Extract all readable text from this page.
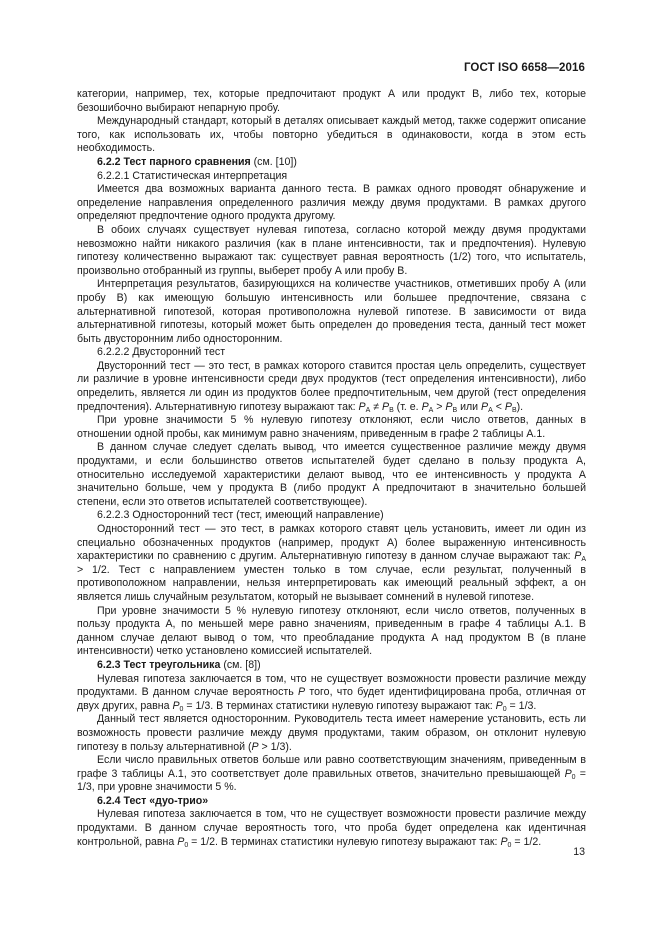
ГОСТ ISO 6658—2016

категории, например, тех, которые предпочитают продукт А или продукт В, либо тех, которые безошибочно выбирают непарную пробу.

Международный стандарт, который в деталях описывает каждый метод, также содержит описание того, как использовать их, чтобы повторно убедиться в одинаковости, когда в этом есть необходимость.

6.2.2 Тест парного сравнения (см. [10])

6.2.2.1 Статистическая интерпретация

Имеется два возможных варианта данного теста. В рамках одного проводят обнаружение и определение направления определенного различия между двумя продуктами. В рамках другого определяют предпочтение одного продукта другому.

В обоих случаях существует нулевая гипотеза, согласно которой между двумя продуктами невозможно найти никакого различия (как в плане интенсивности, так и предпочтения). Нулевую гипотезу количественно выражают так: существует равная вероятность (1/2) того, что испытатель, произвольно отобранный из группы, выберет пробу А или пробу В.

Интерпретация результатов, базирующихся на количестве участников, отметивших пробу А (или пробу В) как имеющую большую интенсивность или большее предпочтение, связана с альтернативной гипотезой, которая противоположна нулевой гипотезе. В зависимости от вида альтернативной гипотезы, который может быть определен до проведения теста, данный тест может быть двусторонним либо односторонним.

6.2.2.2 Двусторонний тест

Двусторонний тест — это тест, в рамках которого ставится простая цель определить, существует ли различие в уровне интенсивности среди двух продуктов (тест определения интенсивности), либо определить, является ли один из продуктов более предпочтительным, чем другой (тест определения предпочтения). Альтернативную гипотезу выражают так: $P_A \ne P_B$ (т. е. $P_A > P_B$ или $P_A < P_B$).

При уровне значимости 5 % нулевую гипотезу отклоняют, если число ответов, данных в отношении одной пробы, как минимум равно значениям, приведенным в графе 2 таблицы А.1.

В данном случае следует сделать вывод, что имеется существенное различие между двумя продуктами, и если большинство ответов испытателей будет сделано в пользу продукта А, относительно исследуемой характеристики делают вывод, что ее интенсивность у продукта А значительно больше, чем у продукта В (либо продукт А предпочитают в значительно большей степени, если это ответов испытателей соответствующее).

6.2.2.3 Односторонний тест (тест, имеющий направление)

Односторонний тест — это тест, в рамках которого ставят цель установить, имеет ли один из специально обозначенных продуктов (например, продукт А) более выраженную интенсивность характеристики по сравнению с другим. Альтернативную гипотезу в данном случае выражают так: $P_A > 1/2$. Тест с направлением уместен только в том случае, если результат, полученный в противоположном направлении, нельзя интерпретировать как имеющий реальный эффект, а он является лишь случайным результатом, который не вызывает сомнений в нулевой гипотезе.

При уровне значимости 5 % нулевую гипотезу отклоняют, если число ответов, полученных в пользу продукта А, по меньшей мере равно значениям, приведенным в графе 4 таблицы А.1. В данном случае делают вывод о том, что преобладание продукта А над продуктом В (в плане интенсивности) четко установлено комиссией испытателей.

6.2.3 Тест треугольника (см. [8])

Нулевая гипотеза заключается в том, что не существует возможности провести различие между продуктами. В данном случае вероятность P того, что будет идентифицирована проба, отличная от двух других, равна $P_0 = 1/3$. В терминах статистики нулевую гипотезу выражают так: $P_0 = 1/3$.

Данный тест является односторонним. Руководитель теста имеет намерение установить, есть ли возможность провести различие между двумя продуктами, таким образом, он отклонит нулевую гипотезу в пользу альтернативной (P > 1/3).

Если число правильных ответов больше или равно соответствующим значениям, приведенным в графе 3 таблицы А.1, это соответствует доле правильных ответов, значительно превышающей $P_0 = 1/3$, при уровне значимости 5 %.

6.2.4 Тест «дуо-трио»

Нулевая гипотеза заключается в том, что не существует возможности провести различие между продуктами. В данном случае вероятность того, что проба будет определена как идентичная контрольной, равна $P_0 = 1/2$. В терминах статистики нулевую гипотезу выражают так: $P_0 = 1/2$.

13
